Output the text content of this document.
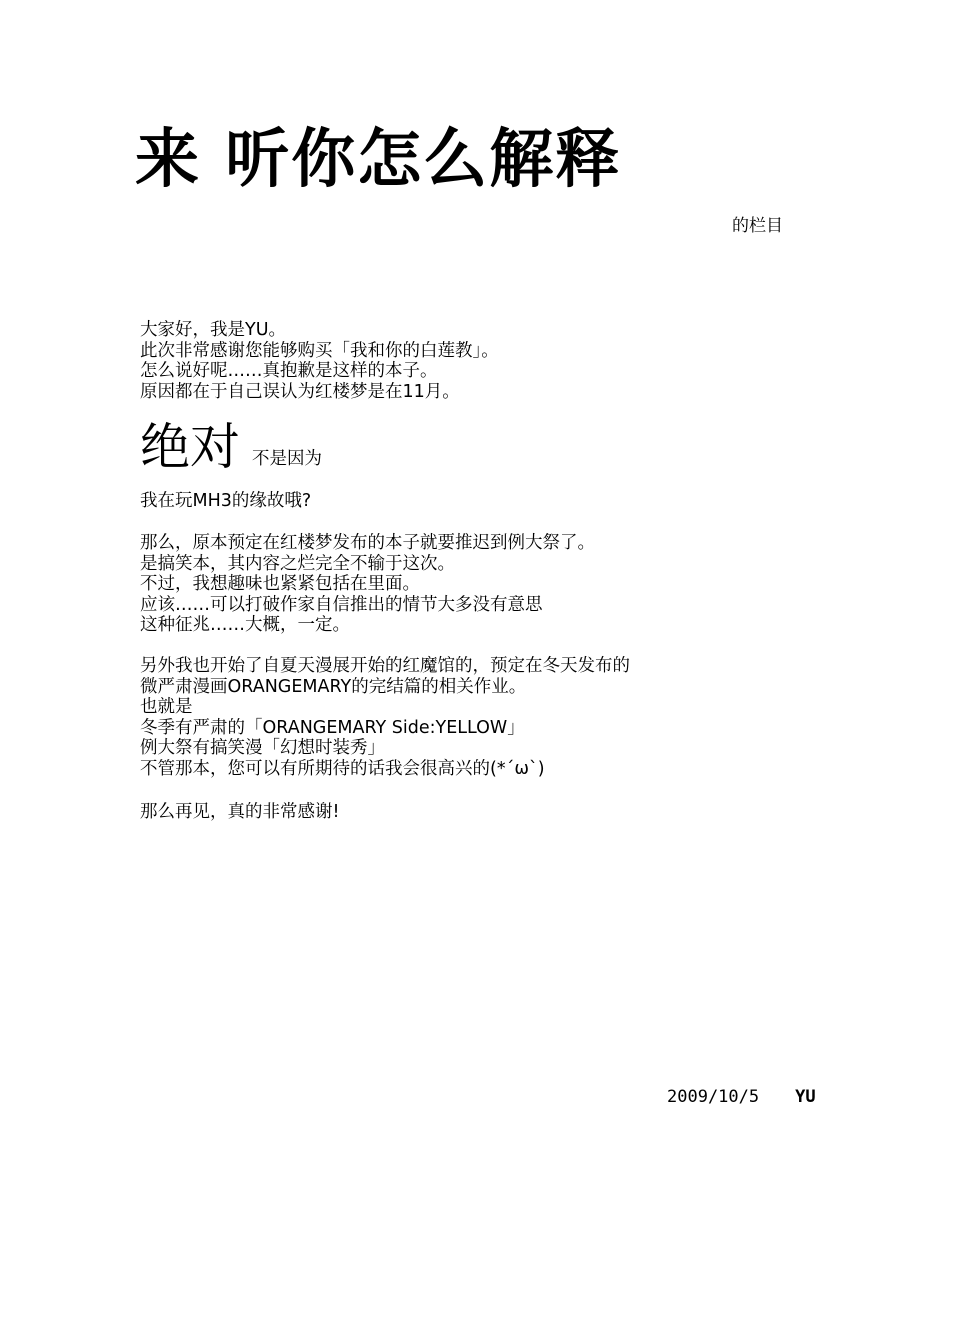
来 听你怎么解释
的栏目
大家好，我是YU。
此次非常感谢您能够购买「我和你的白莲教」。
怎么说好呢……真抱歉是这样的本子。
原因都在于自己误认为红楼梦是在11月。
绝对 不是因为
我在玩MH3的缘故哦?
那么，原本预定在红楼梦发布的本子就要推迟到例大祭了。
是搞笑本，其内容之烂完全不输于这次。
不过，我想趣味也紧紧包括在里面。
应该……可以打破作家自信推出的情节大多没有意思
这种征兆……大概，一定。
另外我也开始了自夏天漫展开始的红魔馆的，预定在冬天发布的
微严肃漫画ORANGEMARY的完结篇的相关作业。
也就是
冬季有严肃的「ORANGEMARY Side:YELLOW」
例大祭有搞笑漫「幻想时装秀」
不管那本，您可以有所期待的话我会很高兴的(*´ω`)
那么再见，真的非常感谢!
2009/10/5 YU
